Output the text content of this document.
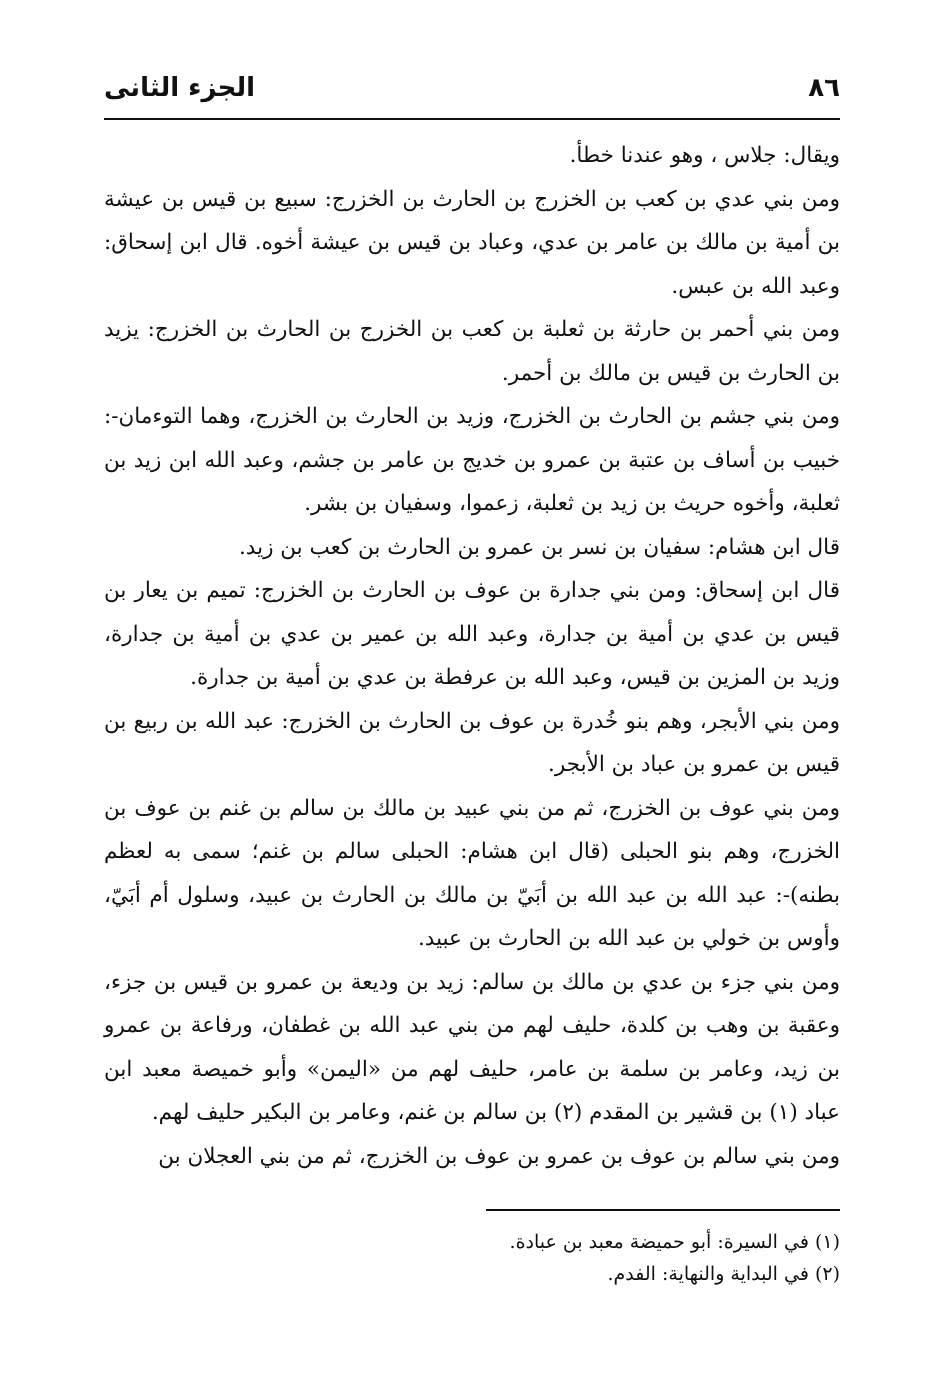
٨٦
الجزء الثانى

ويقال: جلاس ، وهو عندنا خطأ.

ومن بني عدي بن كعب بن الخزرج بن الحارث بن الخزرج: سبيع بن قيس بن عيشة بن أمية بن مالك بن عامر بن عدي، وعباد بن قيس بن عيشة أخوه. قال ابن إسحاق: وعبد الله بن عبس.

ومن بني أحمر بن حارثة بن ثعلبة بن كعب بن الخزرج بن الحارث بن الخزرج: يزيد بن الحارث بن قيس بن مالك بن أحمر.

ومن بني جشم بن الحارث بن الخزرج، وزيد بن الحارث بن الخزرج، وهما التوءمان-: خبيب بن أساف بن عتبة بن عمرو بن خديج بن عامر بن جشم، وعبد الله ابن زيد بن ثعلبة، وأخوه حريث بن زيد بن ثعلبة، زعموا، وسفيان بن بشر.

قال ابن هشام: سفيان بن نسر بن عمرو بن الحارث بن كعب بن زيد.

قال ابن إسحاق: ومن بني جدارة بن عوف بن الحارث بن الخزرج: تميم بن يعار بن قيس بن عدي بن أمية بن جدارة، وعبد الله بن عمير بن عدي بن أمية بن جدارة، وزيد بن المزين بن قيس، وعبد الله بن عرفطة بن عدي بن أمية بن جدارة.

ومن بني الأبجر، وهم بنو خُدرة بن عوف بن الحارث بن الخزرج: عبد الله بن ربيع بن قيس بن عمرو بن عباد بن الأبجر.

ومن بني عوف بن الخزرج، ثم من بني عبيد بن مالك بن سالم بن غنم بن عوف بن الخزرج، وهم بنو الحبلى (قال ابن هشام: الحبلى سالم بن غنم؛ سمى به لعظم بطنه)-: عبد الله بن عبد الله بن أبَيّ بن مالك بن الحارث بن عبيد، وسلول أم أبَيّ، وأوس بن خولي بن عبد الله بن الحارث بن عبيد.

ومن بني جزء بن عدي بن مالك بن سالم: زيد بن وديعة بن عمرو بن قيس بن جزء، وعقبة بن وهب بن كلدة، حليف لهم من بني عبد الله بن غطفان، ورفاعة بن عمرو بن زيد، وعامر بن سلمة بن عامر، حليف لهم من «اليمن» وأبو خميصة معبد ابن عباد (١) بن قشير بن المقدم (٢) بن سالم بن غنم، وعامر بن البكير حليف لهم.

ومن بني سالم بن عوف بن عمرو بن عوف بن الخزرج، ثم من بني العجلان بن

(١) في السيرة: أبو حميضة معبد بن عبادة.
(٢) في البداية والنهاية: الفدم.
